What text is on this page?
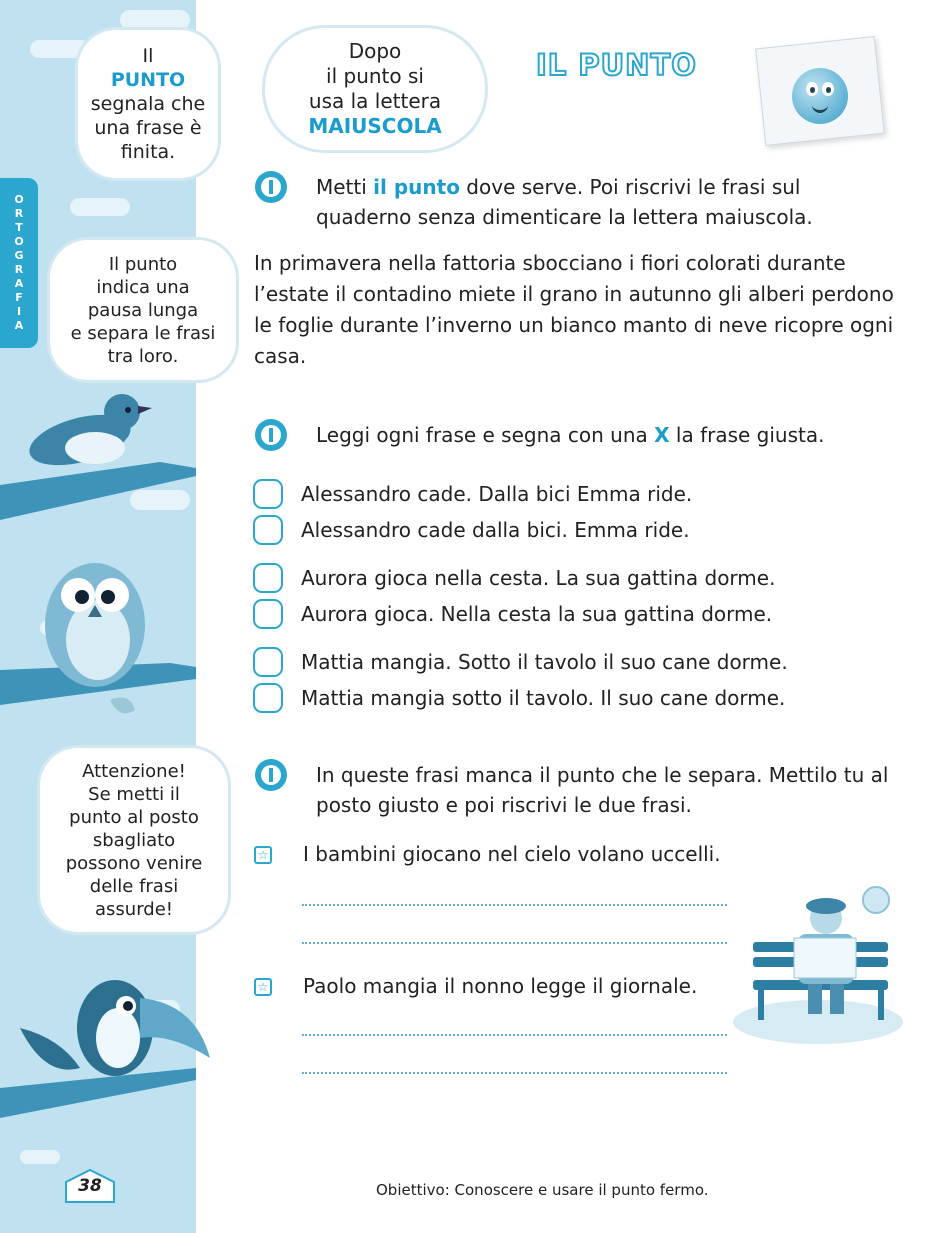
ORTOGRAFIA
Il
PUNTO
segnala che
una frase è
finita.
Il punto
indica una
pausa lunga
e separa le frasi
tra loro.
Attenzione!
Se metti il
punto al posto
sbagliato
possono venire
delle frasi
assurde!
38
Dopo
il punto si
usa la lettera
MAIUSCOLA
IL PUNTO
Metti il punto dove serve. Poi riscrivi le frasi sul quaderno senza dimenticare la lettera maiuscola.
In primavera nella fattoria sbocciano i fiori colorati durante l’estate il contadino miete il grano in autunno gli alberi perdono le foglie durante l’inverno un bianco manto di neve ricopre ogni casa.
Leggi ogni frase e segna con una X la frase giusta.
Alessandro cade. Dalla bici Emma ride.
Alessandro cade dalla bici. Emma ride.
Aurora gioca nella cesta. La sua gattina dorme.
Aurora gioca. Nella cesta la sua gattina dorme.
Mattia mangia. Sotto il tavolo il suo cane dorme.
Mattia mangia sotto il tavolo. Il suo cane dorme.
In queste frasi manca il punto che le separa. Mettilo tu al posto giusto e poi riscrivi le due frasi.
☆ I bambini giocano nel cielo volano uccelli.
☆ Paolo mangia il nonno legge il giornale.
Obiettivo: Conoscere e usare il punto fermo.
